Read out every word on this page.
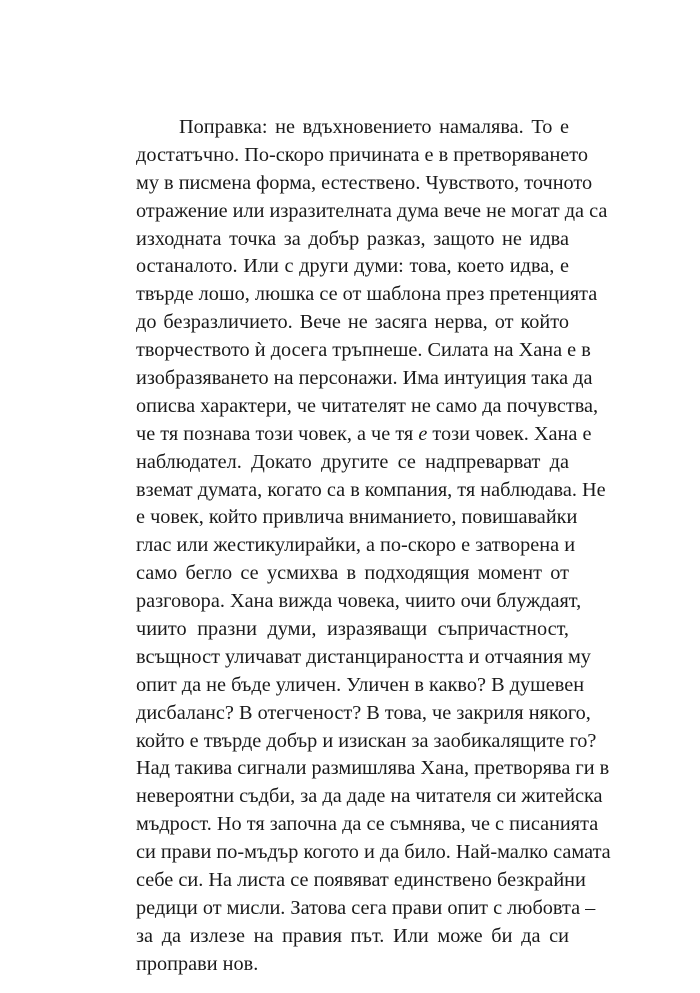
Поправка: не вдъхновението намалява. То е
достатъчно. По-скоро причината е в претворяването
му в писмена форма, естествено. Чувството, точното
отражение или изразителната дума вече не могат да са
изходната точка за добър разказ, защото не идва
останалото. Или с други думи: това, което идва, е
твърде лошо, люшка се от шаблона през претенцията
до безразличието. Вече не засяга нерва, от който
творчеството ѝ досега тръпнеше. Силата на Хана е в
изобразяването на персонажи. Има интуиция така да
описва характери, че читателят не само да почувства,
че тя познава този човек, а че тя е този човек. Хана е
наблюдател. Докато другите се надпреварват да
вземат думата, когато са в компания, тя наблюдава. Не
е човек, който привлича вниманието, повишавайки
глас или жестикулирайки, а по-скоро е затворена и
само бегло се усмихва в подходящия момент от
разговора. Хана вижда човека, чиито очи блуждаят,
чиито празни думи, изразяващи съпричастност,
всъщност уличават дистанцираността и отчаяния му
опит да не бъде уличен. Уличен в какво? В душевен
дисбаланс? В отегченост? В това, че закриля някого,
който е твърде добър и изискан за заобикалящите го?
Над такива сигнали размишлява Хана, претворява ги в
невероятни съдби, за да даде на читателя си житейска
мъдрост. Но тя започна да се съмнява, че с писанията
си прави по-мъдър когото и да било. Най-малко самата
себе си. На листа се появяват единствено безкрайни
редици от мисли. Затова сега прави опит с любовта –
за да излезе на правия път. Или може би да си
проправи нов.
